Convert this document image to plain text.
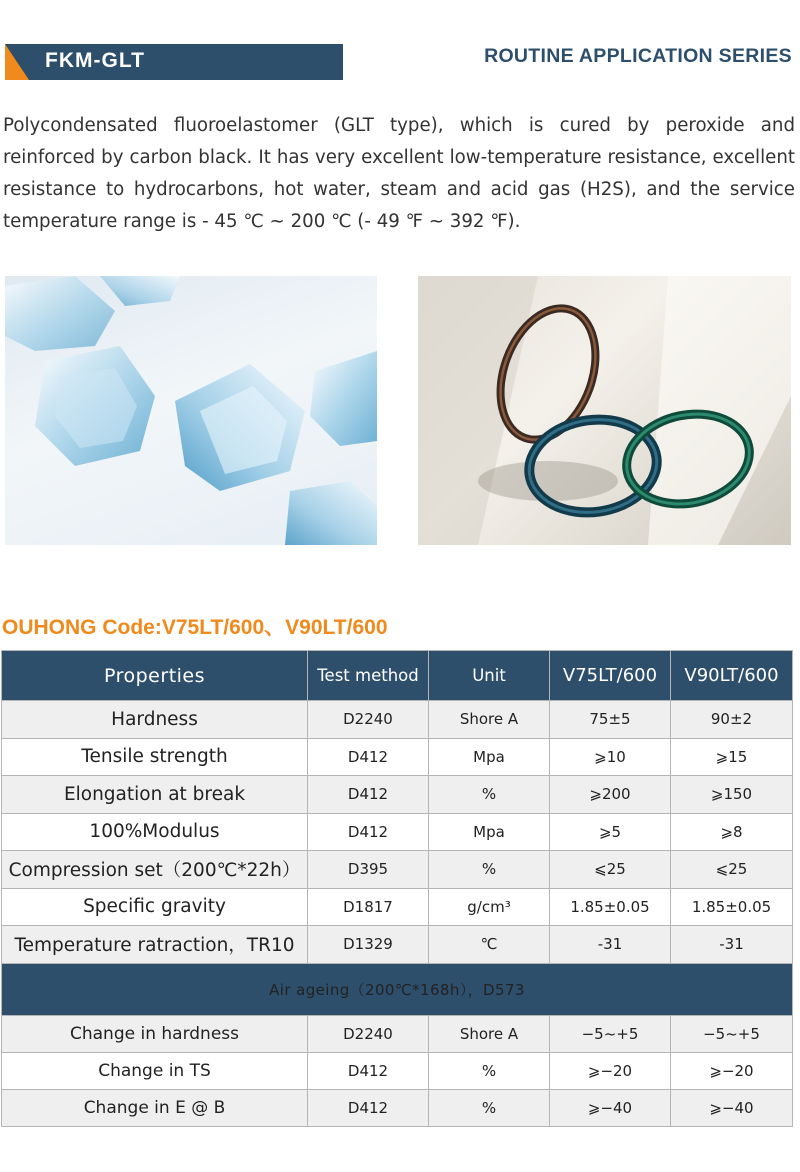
FKM-GLT	ROUTINE APPLICATION SERIES

Polycondensated fluoroelastomer (GLT type), which is cured by peroxide and reinforced by carbon black. It has very excellent low-temperature resistance, excellent resistance to hydrocarbons, hot water, steam and acid gas (H2S), and the service temperature range is - 45 ℃ ~ 200 ℃ (- 49 ℉ ~ 392 ℉).

OUHONG Code:V75LT/600、V90LT/600
Properties	Test method	Unit	V75LT/600	V90LT/600
Hardness	D2240	Shore A	75±5	90±2
Tensile strength	D412	Mpa	⩾10	⩾15
Elongation at break	D412	%	⩾200	⩾150
100%Modulus	D412	Mpa	⩾5	⩾8
Compression set（200℃*22h）	D395	%	⩽25	⩽25
Specific gravity	D1817	g/cm³	1.85±0.05	1.85±0.05
Temperature ratraction，TR10	D1329	℃	-31	-31
Air ageing（200℃*168h），D573				
Change in hardness	D2240	Shore A	−5~+5	−5~+5
Change in TS	D412	%	⩾−20	⩾−20
Change in E @ B	D412	%	⩾−40	⩾−40
